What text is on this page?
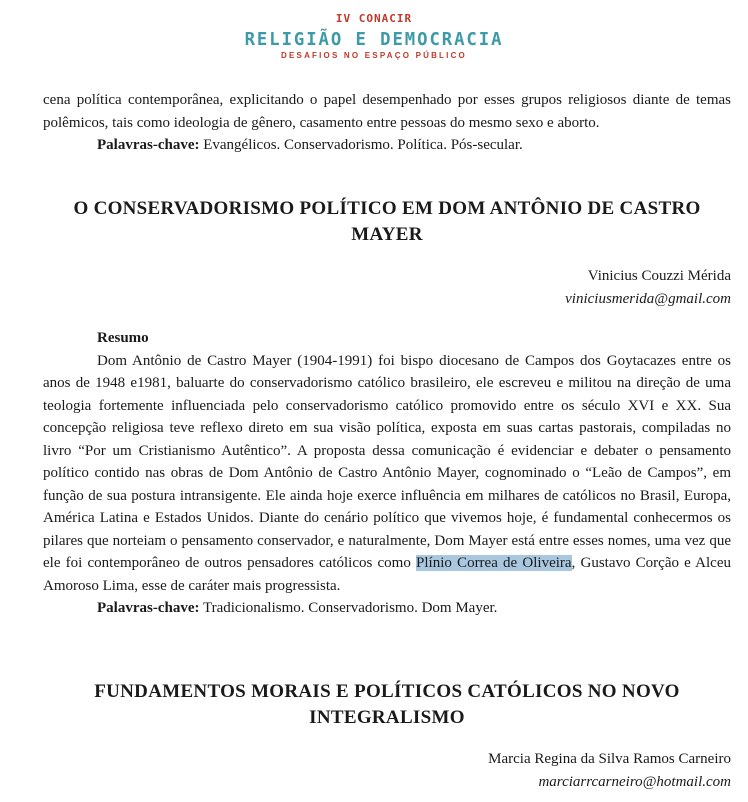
IV CONACIR
RELIGIÃO E DEMOCRACIA
DESAFIOS NO ESPAÇO PÚBLICO

cena política contemporânea, explicitando o papel desempenhado por esses grupos religiosos diante de temas polêmicos, tais como ideologia de gênero, casamento entre pessoas do mesmo sexo e aborto.

Palavras-chave: Evangélicos. Conservadorismo. Política. Pós-secular.

O CONSERVADORISMO POLÍTICO EM DOM ANTÔNIO DE CASTRO MAYER
Vinicius Couzzi Mérida
viniciusmerida@gmail.com
Resumo

Dom Antônio de Castro Mayer (1904-1991) foi bispo diocesano de Campos dos Goytacazes entre os anos de 1948 e1981, baluarte do conservadorismo católico brasileiro, ele escreveu e militou na direção de uma teologia fortemente influenciada pelo conservadorismo católico promovido entre os século XVI e XX. Sua concepção religiosa teve reflexo direto em sua visão política, exposta em suas cartas pastorais, compiladas no livro “Por um Cristianismo Autêntico”. A proposta dessa comunicação é evidenciar e debater o pensamento político contido nas obras de Dom Antônio de Castro Antônio Mayer, cognominado o “Leão de Campos”, em função de sua postura intransigente. Ele ainda hoje exerce influência em milhares de católicos no Brasil, Europa, América Latina e Estados Unidos. Diante do cenário político que vivemos hoje, é fundamental conhecermos os pilares que norteiam o pensamento conservador, e naturalmente, Dom Mayer está entre esses nomes, uma vez que ele foi contemporâneo de outros pensadores católicos como Plínio Correa de Oliveira, Gustavo Corção e Alceu Amoroso Lima, esse de caráter mais progressista.

Palavras-chave: Tradicionalismo. Conservadorismo. Dom Mayer.

FUNDAMENTOS MORAIS E POLÍTICOS CATÓLICOS NO NOVO INTEGRALISMO
Marcia Regina da Silva Ramos Carneiro
marciarrcarneiro@hotmail.com
